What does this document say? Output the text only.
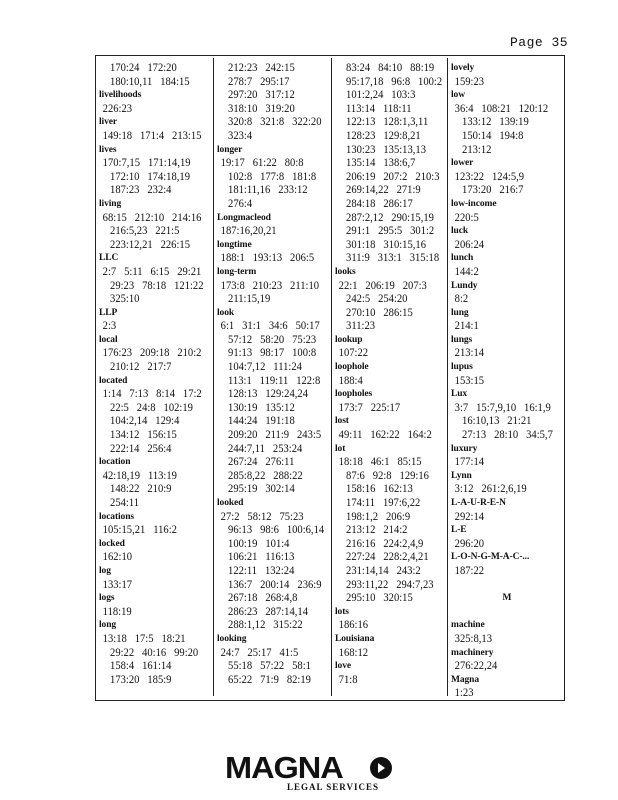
Page 35
170:24   172:20
180:10,11   184:15
livelihoods
226:23
liver
149:18   171:4   213:15
lives
170:7,15   171:14,19
172:10   174:18,19
187:23   232:4
living
68:15   212:10   214:16
216:5,23   221:5
223:12,21   226:15
LLC
2:7   5:11   6:15   29:21
29:23   78:18   121:22
325:10
LLP
2:3
local
176:23   209:18   210:2
210:12   217:7
located
1:14   7:13   8:14   17:2
22:5   24:8   102:19
104:2,14   129:4
134:12   156:15
222:14   256:4
location
42:18,19   113:19
148:22   210:9
254:11
locations
105:15,21   116:2
locked
162:10
log
133:17
logs
118:19
long
13:18   17:5   18:21
29:22   40:16   99:20
158:4   161:14
173:20   185:9
212:23   242:15
278:7   295:17
297:20   317:12
318:10   319:20
320:8   321:8   322:20
323:4
longer
19:17   61:22   80:8
102:8   177:8   181:8
181:11,16   233:12
276:4
Longmacleod
187:16,20,21
longtime
188:1   193:13   206:5
long-term
173:8   210:23   211:10
211:15,19
look
6:1   31:1   34:6   50:17
57:12   58:20   75:23
91:13   98:17   100:8
104:7,12   111:24
113:1   119:11   122:8
128:13   129:24,24
130:19   135:12
144:24   191:18
209:20   211:9   243:5
244:7,11   253:24
267:24   276:11
285:8,22   288:22
295:19   302:14
looked
27:2   58:12   75:23
96:13   98:6   100:6,14
100:19   101:4
106:21   116:13
122:11   132:24
136:7   200:14   236:9
267:18   268:4,8
286:23   287:14,14
288:1,12   315:22
looking
24:7   25:17   41:5
55:18   57:22   58:1
65:22   71:9   82:19
83:24   84:10   88:19
95:17,18   96:8   100:2
101:2,24   103:3
113:14   118:11
122:13   128:1,3,11
128:23   129:8,21
130:23   135:13,13
135:14   138:6,7
206:19   207:2   210:3
269:14,22   271:9
284:18   286:17
287:2,12   290:15,19
291:1   295:5   301:2
301:18   310:15,16
311:9   313:1   315:18
looks
22:1   206:19   207:3
242:5   254:20
270:10   286:15
311:23
lookup
107:22
loophole
188:4
loopholes
173:7   225:17
lost
49:11   162:22   164:2
lot
18:18   46:1   85:15
87:6   92:8   129:16
158:16   162:13
174:11   197:6,22
198:1,2   206:9
213:12   214:2
216:16   224:2,4,9
227:24   228:2,4,21
231:14,14   243:2
293:11,22   294:7,23
295:10   320:15
lots
186:16
Louisiana
168:12
love
71:8
lovely
159:23
low
36:4   108:21   120:12
133:12   139:19
150:14   194:8
213:12
lower
123:22   124:5,9
173:20   216:7
low-income
220:5
luck
206:24
lunch
144:2
Lundy
8:2
lung
214:1
lungs
213:14
lupus
153:15
Lux
3:7   15:7,9,10   16:1,9
16:10,13   21:21
27:13   28:10   34:5,7
luxury
177:14
Lynn
3:12   261:2,6,19
L-A-U-R-E-N
292:14
L-E
296:20
L-O-N-G-M-A-C-...
187:22
M
machine
325:8,13
machinery
276:22,24
Magna
1:23
MAGNA
LEGAL SERVICES
